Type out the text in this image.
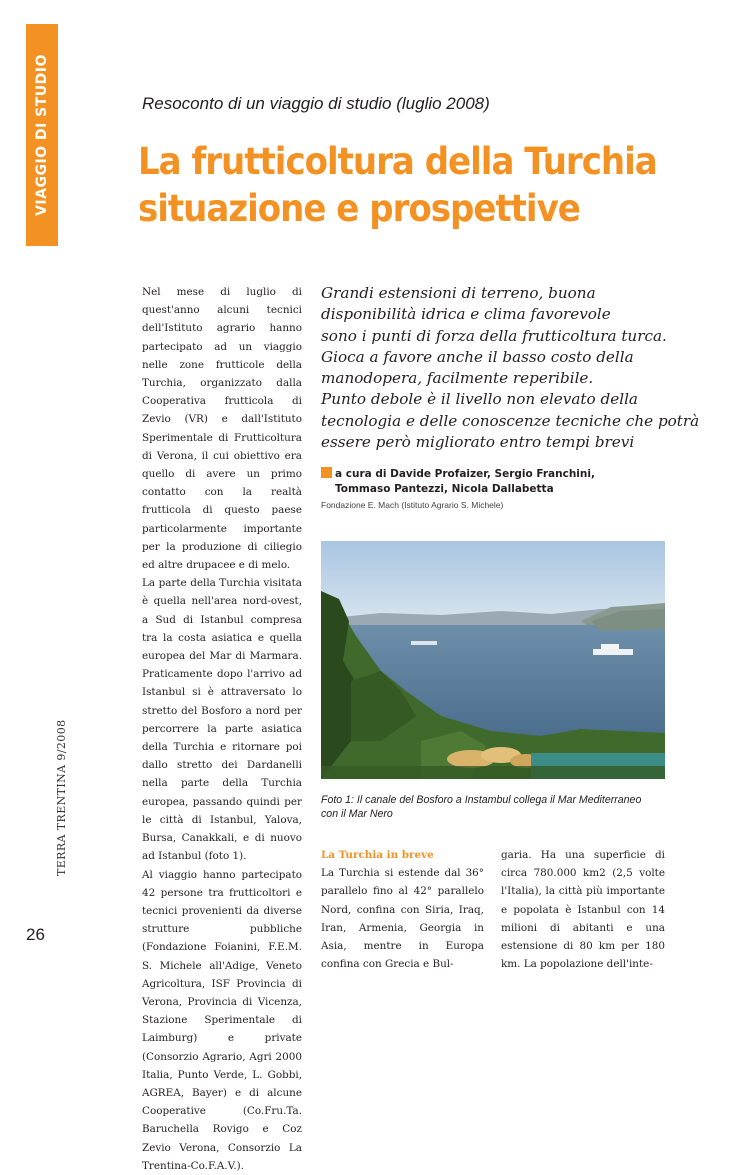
VIAGGIO DI STUDIO	Resoconto di un viaggio di studio (luglio 2008)
La frutticoltura della Turchia
situazione e prospettive

Nel mese di luglio di quest'anno alcuni tecnici dell'Istituto agrario hanno partecipato ad un viaggio nelle zone frutticole della Turchia, organizzato dalla Cooperativa frutticola di Zevio (VR) e dall'Istituto Sperimentale di Frutticoltura di Verona, il cui obiettivo era quello di avere un primo contatto con la realtà frutticola di questo paese particolarmente importante per la produzione di ciliegio ed altre drupacee e di melo.

La parte della Turchia visitata è quella nell'area nord-ovest, a Sud di Istanbul compresa tra la costa asiatica e quella europea del Mar di Marmara. Praticamente dopo l'arrivo ad Istanbul si è attraversato lo stretto del Bosforo a nord per percorrere la parte asiatica della Turchia e ritornare poi dallo stretto dei Dardanelli nella parte della Turchia europea, passando quindi per le città di Istanbul, Yalova, Bursa, Canakkali, e di nuovo ad Istanbul (foto 1).

Al viaggio hanno partecipato 42 persone tra frutticoltori e tecnici provenienti da diverse strutture pubbliche (Fondazione Foianini, F.E.M. S. Michele all'Adige, Veneto Agricoltura, ISF Provincia di Verona, Provincia di Vicenza, Stazione Sperimentale di Laimburg) e private (Consorzio Agrario, Agri 2000 Italia, Punto Verde, L. Gobbi, AGREA, Bayer) e di alcune Cooperative (Co.Fru.Ta. Baruchella Rovigo e Coz Zevio Verona, Consorzio La Trentina-Co.F.A.V.).

Grandi estensioni di terreno, buona
disponibilità idrica e clima favorevole
sono i punti di forza della frutticoltura turca.
Gioca a favore anche il basso costo della
manodopera, facilmente reperibile.
Punto debole è il livello non elevato della
tecnologia e delle conoscenze tecniche che potrà
essere però migliorato entro tempi brevi
a cura di Davide Profaizer, Sergio Franchini,
Tommaso Pantezzi, Nicola Dallabetta
Fondazione E. Mach (Istituto Agrario S. Michele)
Foto 1: Il canale del Bosforo a Instambul collega il Mar Mediterraneo
con il Mar Nero
La Turchia in breve

La Turchia si estende dal 36° parallelo fino al 42° parallelo Nord, confina con Siria, Iraq, Iran, Armenia, Georgia in Asia, mentre in Europa confina con Grecia e Bul-

garia. Ha una superficie di circa 780.000 km2 (2,5 volte l'Italia), la città più importante e popolata è Istanbul con 14 milioni di abitanti e una estensione di 80 km per 180 km. La popolazione dell'inte-

TERRA TRENTINA 9/2008
26
